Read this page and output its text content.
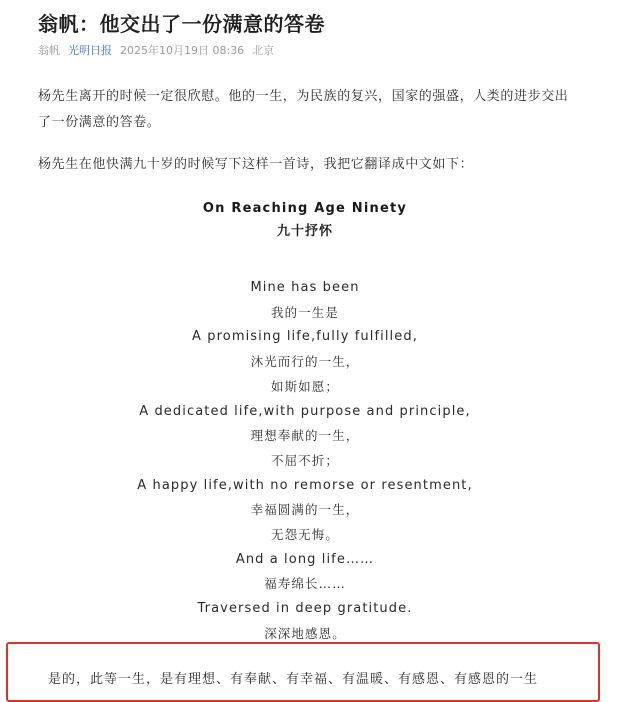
翁帆：他交出了一份满意的答卷
翁帆 光明日报 2025年10月19日 08:36 北京
杨先生离开的时候一定很欣慰。他的一生，为民族的复兴，国家的强盛，人类的进步交出了一份满意的答卷。
杨先生在他快满九十岁的时候写下这样一首诗，我把它翻译成中文如下：
On Reaching Age Ninety
九十抒怀
Mine has been
我的一生是
A promising life,fully fulfilled,
沐光而行的一生，
如斯如愿；
A dedicated life,with purpose and principle,
理想奉献的一生，
不屈不折；
A happy life,with no remorse or resentment,
幸福圆满的一生，
无怨无悔。
And a long life……
福寿绵长……
Traversed in deep gratitude.
深深地感恩。
是的，此等一生，是有理想、有奉献、有幸福、有温暖、有感恩、有感恩的一生
